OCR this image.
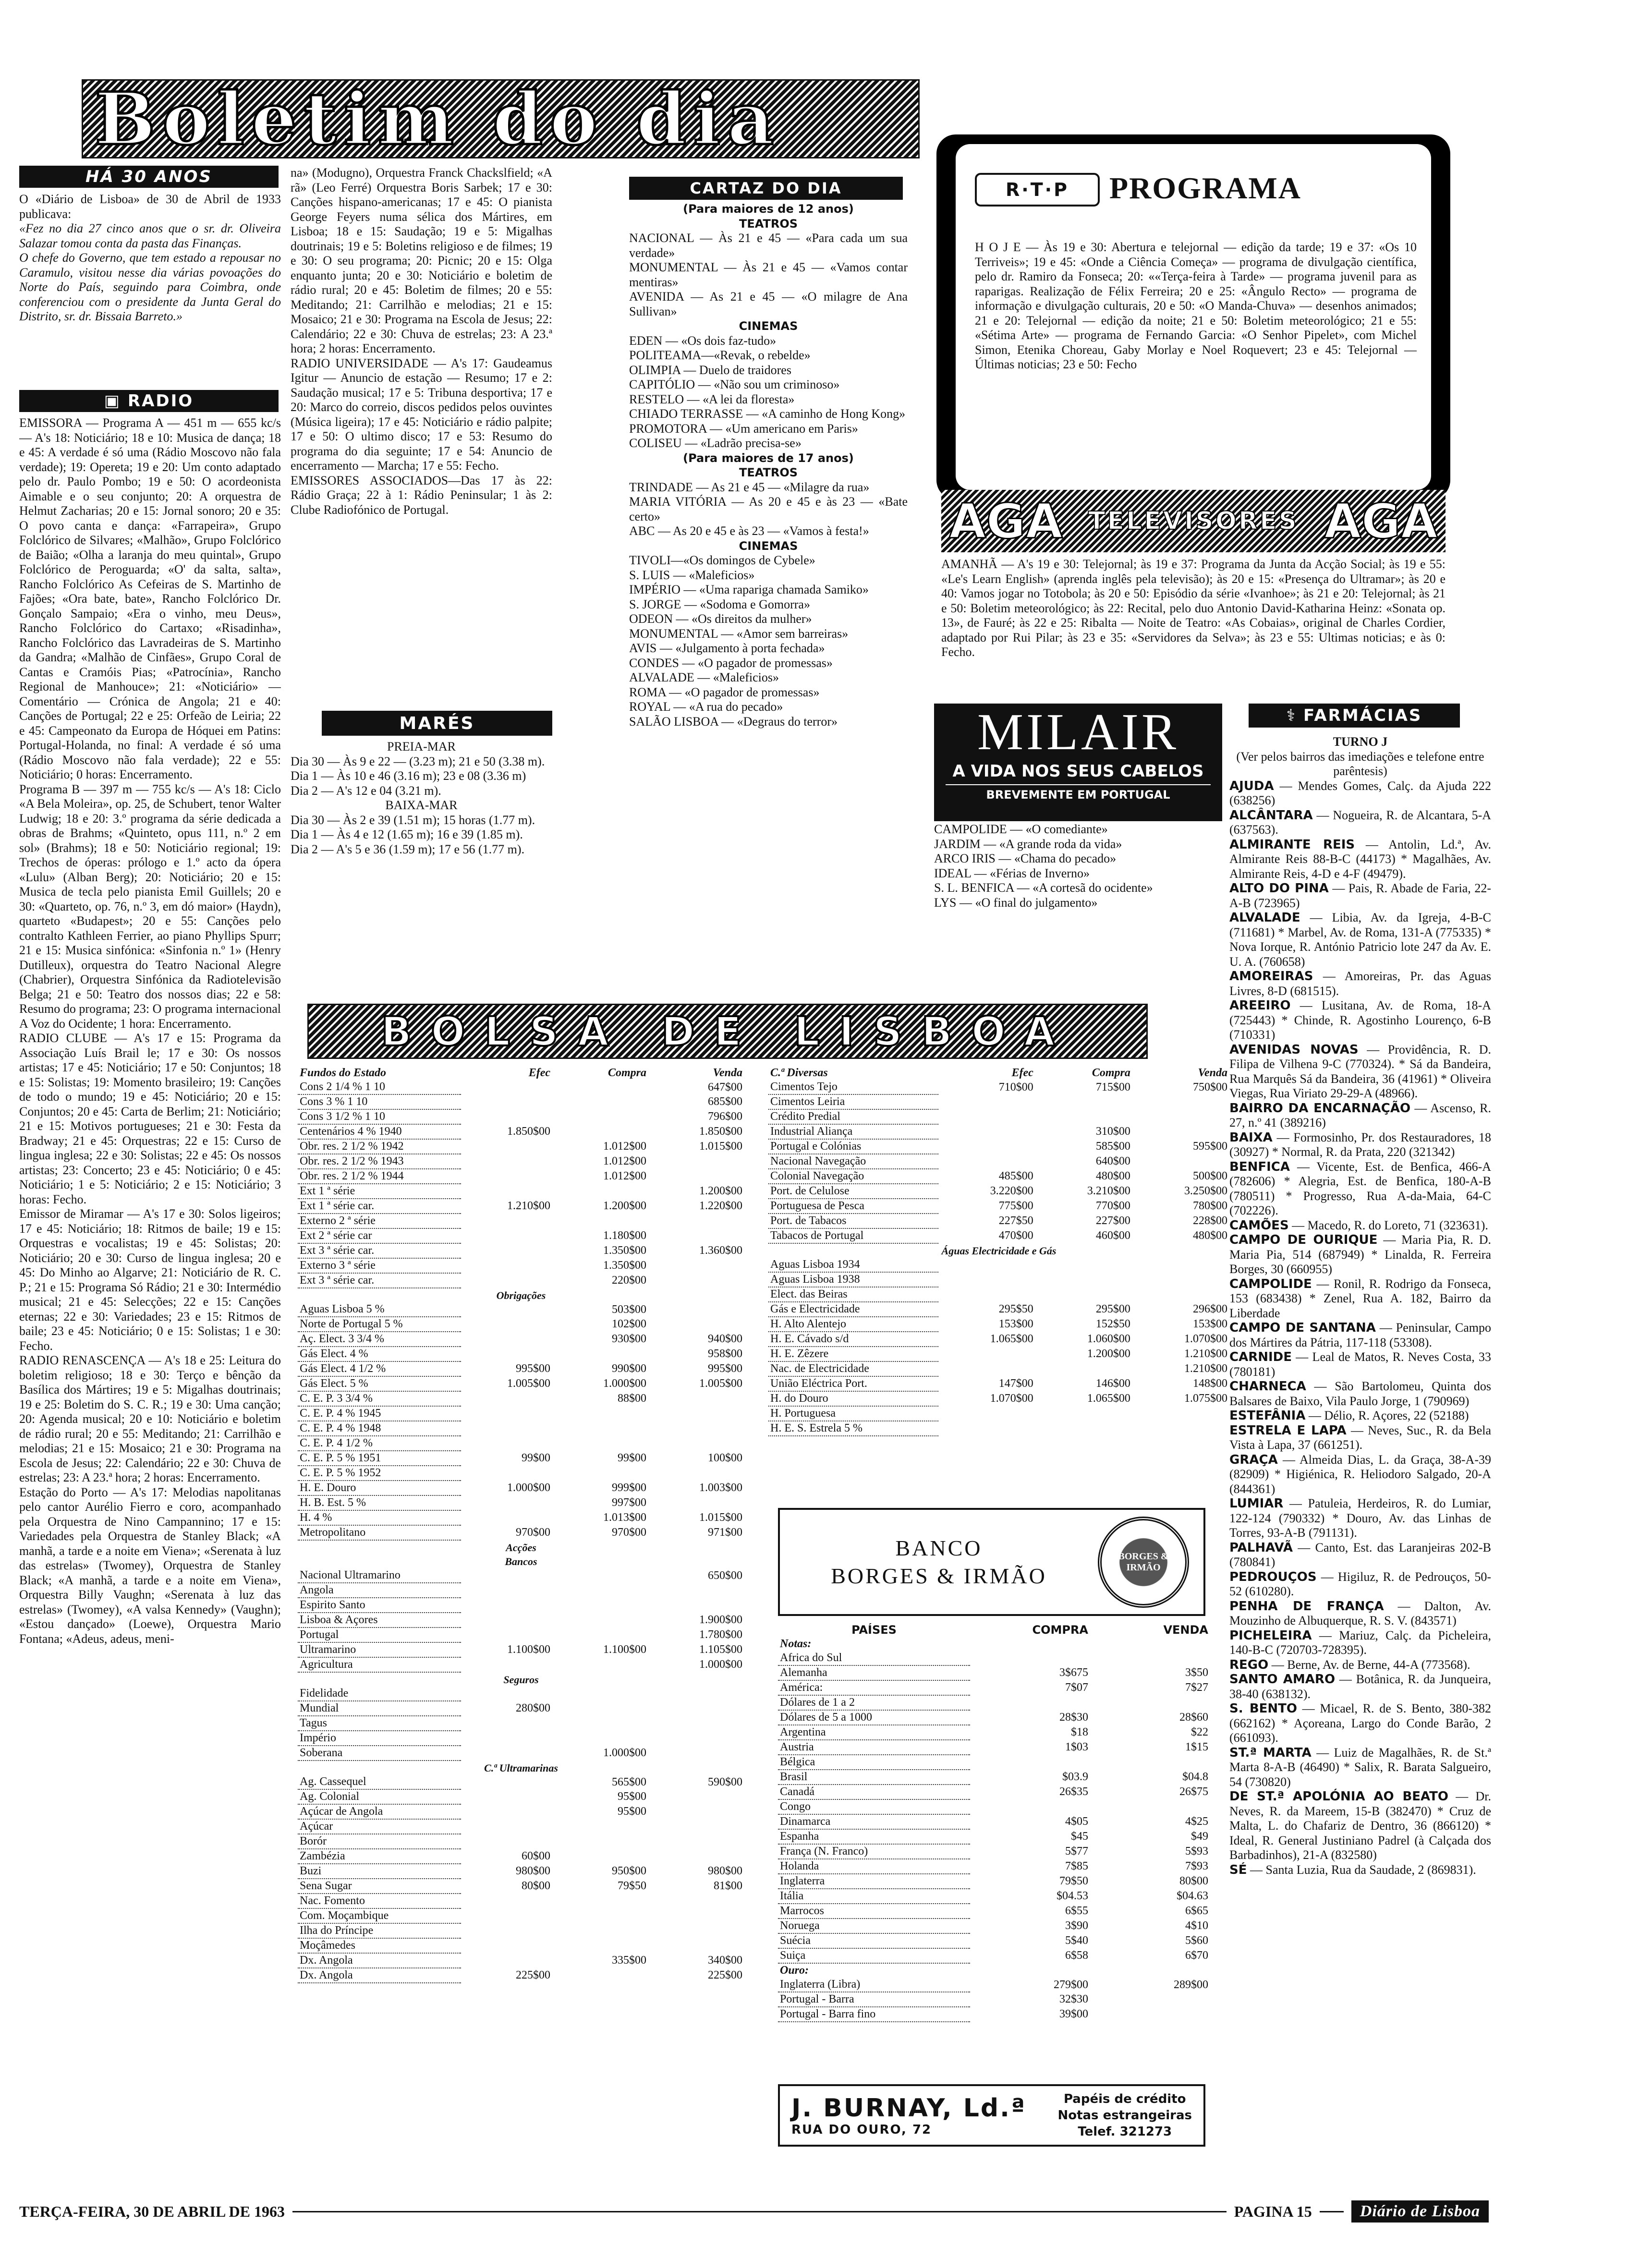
Boletim do dia
HÁ 30 ANOS

O «Diário de Lisboa» de 30 de Abril de 1933 publicava:

«Fez no dia 27 cinco anos que o sr. dr. Oliveira Salazar tomou conta da pasta das Finanças.

O chefe do Governo, que tem estado a repousar no Caramulo, visitou nesse dia várias povoações do Norte do País, seguindo para Coimbra, onde conferenciou com o presidente da Junta Geral do Distrito, sr. dr. Bissaia Barreto.»

▣ RADIO

EMISSORA — Programa A — 451 m — 655 kc/s — A's 18: Noticiário; 18 e 10: Musica de dança; 18 e 45: A verdade é só uma (Rádio Moscovo não fala verdade); 19: Opereta; 19 e 20: Um conto adaptado pelo dr. Paulo Pombo; 19 e 50: O acordeonista Aimable e o seu conjunto; 20: A orquestra de Helmut Zacharias; 20 e 15: Jornal sonoro; 20 e 35: O povo canta e dança: «Farrapeira», Grupo Folclórico de Silvares; «Malhão», Grupo Folclórico de Baião; «Olha a laranja do meu quintal», Grupo Folclórico de Peroguarda; «O' da salta, salta», Rancho Folclórico As Cefeiras de S. Martinho de Fajões; «Ora bate, bate», Rancho Folclórico Dr. Gonçalo Sampaio; «Era o vinho, meu Deus», Rancho Folclórico do Cartaxo; «Risadinha», Rancho Folclórico das Lavradeiras de S. Martinho da Gandra; «Malhão de Cinfães», Grupo Coral de Cantas e Cramóis Pias; «Patrocínia», Rancho Regional de Manhouce»; 21: «Noticiário» — Comentário — Crónica de Angola; 21 e 40: Canções de Portugal; 22 e 25: Orfeão de Leiria; 22 e 45: Campeonato da Europa de Hóquei em Patins: Portugal-Holanda, no final: A verdade é só uma (Rádio Moscovo não fala verdade); 22 e 55: Noticiário; 0 horas: Encerramento.

Programa B — 397 m — 755 kc/s — A's 18: Ciclo «A Bela Moleira», op. 25, de Schubert, tenor Walter Ludwig; 18 e 20: 3.º programa da série dedicada a obras de Brahms; «Quinteto, opus 111, n.º 2 em sol» (Brahms); 18 e 50: Noticiário regional; 19: Trechos de óperas: prólogo e 1.º acto da ópera «Lulu» (Alban Berg); 20: Noticiário; 20 e 15: Musica de tecla pelo pianista Emil Guillels; 20 e 30: «Quarteto, op. 76, n.º 3, em dó maior» (Haydn), quarteto «Budapest»; 20 e 55: Canções pelo contralto Kathleen Ferrier, ao piano Phyllips Spurr; 21 e 15: Musica sinfónica: «Sinfonia n.º 1» (Henry Dutilleux), orquestra do Teatro Nacional Alegre (Chabrier), Orquestra Sinfónica da Radiotelevisão Belga; 21 e 50: Teatro dos nossos dias; 22 e 58: Resumo do programa; 23: O programa internacional A Voz do Ocidente; 1 hora: Encerramento.

RADIO CLUBE — A's 17 e 15: Programa da Associação Luís Brail le; 17 e 30: Os nossos artistas; 17 e 45: Noticiário; 17 e 50: Conjuntos; 18 e 15: Solistas; 19: Momento brasileiro; 19: Canções de todo o mundo; 19 e 45: Noticiário; 20 e 15: Conjuntos; 20 e 45: Carta de Berlim; 21: Noticiário; 21 e 15: Motivos portugueses; 21 e 30: Festa da Bradway; 21 e 45: Orquestras; 22 e 15: Curso de lingua inglesa; 22 e 30: Solistas; 22 e 45: Os nossos artistas; 23: Concerto; 23 e 45: Noticiário; 0 e 45: Noticiário; 1 e 5: Noticiário; 2 e 15: Noticiário; 3 horas: Fecho.

Emissor de Miramar — A's 17 e 30: Solos ligeiros; 17 e 45: Noticiário; 18: Ritmos de baile; 19 e 15: Orquestras e vocalistas; 19 e 45: Solistas; 20: Noticiário; 20 e 30: Curso de lingua inglesa; 20 e 45: Do Minho ao Algarve; 21: Noticiário de R. C. P.; 21 e 15: Programa Só Rádio; 21 e 30: Intermédio musical; 21 e 45: Selecções; 22 e 15: Canções eternas; 22 e 30: Variedades; 23 e 15: Ritmos de baile; 23 e 45: Noticiário; 0 e 15: Solistas; 1 e 30: Fecho.

RADIO RENASCENÇA — A's 18 e 25: Leitura do boletim religioso; 18 e 30: Terço e bênção da Basílica dos Mártires; 19 e 5: Migalhas doutrinais; 19 e 25: Boletim do S. C. R.; 19 e 30: Uma canção; 20: Agenda musical; 20 e 10: Noticiário e boletim de rádio rural; 20 e 55: Meditando; 21: Carrilhão e melodias; 21 e 15: Mosaico; 21 e 30: Programa na Escola de Jesus; 22: Calendário; 22 e 30: Chuva de estrelas; 23: A 23.ª hora; 2 horas: Encerramento.

Estação do Porto — A's 17: Melodias napolitanas pelo cantor Aurélio Fierro e coro, acompanhado pela Orquestra de Nino Campannino; 17 e 15: Variedades pela Orquestra de Stanley Black; «A manhã, a tarde e a noite em Viena»; «Serenata à luz das estrelas» (Twomey), Orquestra de Stanley Black; «A manhã, a tarde e a noite em Viena», Orquestra Billy Vaughn; «Serenata à luz das estrelas» (Twomey), «A valsa Kennedy» (Vaughn); «Estou dançado» (Loewe), Orquestra Mario Fontana; «Adeus, adeus, meni-

na» (Modugno), Orquestra Franck Chackslfield; «A rã» (Leo Ferré) Orquestra Boris Sarbek; 17 e 30: Canções hispano-americanas; 17 e 45: O pianista George Feyers numa sélica dos Mártires, em Lisboa; 18 e 15: Saudação; 19 e 5: Migalhas doutrinais; 19 e 5: Boletins religioso e de filmes; 19 e 30: O seu programa; 20: Picnic; 20 e 15: Olga enquanto junta; 20 e 30: Noticiário e boletim de rádio rural; 20 e 45: Boletim de filmes; 20 e 55: Meditando; 21: Carrilhão e melodias; 21 e 15: Mosaico; 21 e 30: Programa na Escola de Jesus; 22: Calendário; 22 e 30: Chuva de estrelas; 23: A 23.ª hora; 2 horas: Encerramento.

RADIO UNIVERSIDADE — A's 17: Gaudeamus Igitur — Anuncio de estação — Resumo; 17 e 2: Saudação musical; 17 e 5: Tribuna desportiva; 17 e 20: Marco do correio, discos pedidos pelos ouvintes (Música ligeira); 17 e 45: Noticiário e rádio palpite; 17 e 50: O ultimo disco; 17 e 53: Resumo do programa do dia seguinte; 17 e 54: Anuncio de encerramento — Marcha; 17 e 55: Fecho.

EMISSORES ASSOCIADOS—Das 17 às 22: Rádio Graça; 22 à 1: Rádio Peninsular; 1 às 2: Clube Radiofónico de Portugal.

MARÉS

PREIA-MAR

Dia 30 — Às 9 e 22 — (3.23 m); 21 e 50 (3.38 m).

Dia 1 — Às 10 e 46 (3.16 m); 23 e 08 (3.36 m)

Dia 2 — A's 12 e 04 (3.21 m).

BAIXA-MAR

Dia 30 — Às 2 e 39 (1.51 m); 15 horas (1.77 m).

Dia 1 — Às 4 e 12 (1.65 m); 16 e 39 (1.85 m).

Dia 2 — A's 5 e 36 (1.59 m); 17 e 56 (1.77 m).

CARTAZ DO DIA

(Para maiores de 12 anos)

TEATROS

NACIONAL — Às 21 e 45 — «Para cada um sua verdade»

MONUMENTAL — Às 21 e 45 — «Vamos contar mentiras»

AVENIDA — As 21 e 45 — «O milagre de Ana Sullivan»

CINEMAS

EDEN — «Os dois faz-tudo»

POLITEAMA—«Revak, o rebelde»

OLIMPIA — Duelo de traidores

CAPITÓLIO — «Não sou um criminoso»

RESTELO — «A lei da floresta»

CHIADO TERRASSE — «A caminho de Hong Kong»

PROMOTORA — «Um americano em Paris»

COLISEU — «Ladrão precisa-se»

(Para maiores de 17 anos)

TEATROS

TRINDADE — As 21 e 45 — «Milagre da rua»

MARIA VITÓRIA — As 20 e 45 e às 23 — «Bate certo»

ABC — As 20 e 45 e às 23 — «Vamos à festa!»

CINEMAS

TIVOLI—«Os domingos de Cybele»

S. LUIS — «Maleficios»

IMPÉRIO — «Uma rapariga chamada Samiko»

S. JORGE — «Sodoma e Gomorra»

ODEON — «Os direitos da mulher»

MONUMENTAL — «Amor sem barreiras»

AVIS — «Julgamento à porta fechada»

CONDES — «O pagador de promessas»

ALVALADE — «Maleficios»

ROMA — «O pagador de promessas»

ROYAL — «A rua do pecado»

SALÃO LISBOA — «Degraus do terror»

R·T·P	PROGRAMA
H O J E — Às 19 e 30: Abertura e telejornal — edição da tarde; 19 e 37: «Os 10 Terriveis»; 19 e 45: «Onde a Ciência Começa» — programa de divulgação científica, pelo dr. Ramiro da Fonseca; 20: ««Terça-feira à Tarde» — programa juvenil para as raparigas. Realização de Félix Ferreira; 20 e 25: «Ângulo Recto» — programa de informação e divulgação culturais, 20 e 50: «O Manda-Chuva» — desenhos animados; 21 e 20: Telejornal — edição da noite; 21 e 50: Boletim meteorológico; 21 e 55: «Sétima Arte» — programa de Fernando Garcia: «O Senhor Pipelet», com Michel Simon, Etenika Choreau, Gaby Morlay e Noel Roquevert; 23 e 45: Telejornal — Últimas noticias; 23 e 50: Fecho
AGA TELEVISORES AGA
AMANHÃ — A's 19 e 30: Telejornal; às 19 e 37: Programa da Junta da Acção Social; às 19 e 55: «Le's Learn English» (aprenda inglês pela televisão); às 20 e 15: «Presença do Ultramar»; às 20 e 40: Vamos jogar no Totobola; às 20 e 50: Episódio da série «Ivanhoe»; às 21 e 20: Telejornal; às 21 e 50: Boletim meteorológico; às 22: Recital, pelo duo Antonio David-Katharina Heinz: «Sonata op. 13», de Fauré; às 22 e 25: Ribalta — Noite de Teatro: «As Cobaias», original de Charles Cordier, adaptado por Rui Pilar; às 23 e 35: «Servidores da Selva»; às 23 e 55: Ultimas noticias; e às 0: Fecho.
MILAIR
A VIDA NOS SEUS CABELOS
BREVEMENTE EM PORTUGAL

CAMPOLIDE — «O comediante»

JARDIM — «A grande roda da vida»

ARCO IRIS — «Chama do pecado»

IDEAL — «Férias de Inverno»

S. L. BENFICA — «A cortesã do ocidente»

LYS — «O final do julgamento»

⚕ FARMÁCIAS

TURNO J

(Ver pelos bairros das imediações e telefone entre parêntesis)

AJUDA — Mendes Gomes, Calç. da Ajuda 222 (638256)

ALCÂNTARA — Nogueira, R. de Alcantara, 5-A (637563).

ALMIRANTE REIS — Antolin, Ld.ª, Av. Almirante Reis 88-B-C (44173) * Magalhães, Av. Almirante Reis, 4-D e 4-F (49479).

ALTO DO PINA — Pais, R. Abade de Faria, 22-A-B (723965)

ALVALADE — Libia, Av. da Igreja, 4-B-C (711681) * Marbel, Av. de Roma, 131-A (775335) * Nova Iorque, R. António Patricio lote 247 da Av. E. U. A. (760658)

AMOREIRAS — Amoreiras, Pr. das Aguas Livres, 8-D (681515).

AREEIRO — Lusitana, Av. de Roma, 18-A (725443) * Chinde, R. Agostinho Lourenço, 6-B (710331)

AVENIDAS NOVAS — Providência, R. D. Filipa de Vilhena 9-C (770324). * Sá da Bandeira, Rua Marquês Sá da Bandeira, 36 (41961) * Oliveira Viegas, Rua Viriato 29-29-A (48966).

BAIRRO DA ENCARNAÇÃO — Ascenso, R. 27, n.º 41 (389216)

BAIXA — Formosinho, Pr. dos Restauradores, 18 (30927) * Normal, R. da Prata, 220 (321342)

BENFICA — Vicente, Est. de Benfica, 466-A (782606) * Alegria, Est. de Benfica, 180-A-B (780511) * Progresso, Rua A-da-Maia, 64-C (702226).

CAMÕES — Macedo, R. do Loreto, 71 (323631).

CAMPO DE OURIQUE — Maria Pia, R. D. Maria Pia, 514 (687949) * Linalda, R. Ferreira Borges, 30 (660955)

CAMPOLIDE — Ronil, R. Rodrigo da Fonseca, 153 (683438) * Zenel, Rua A. 182, Bairro da Liberdade

CAMPO DE SANTANA — Peninsular, Campo dos Mártires da Pátria, 117-118 (53308).

CARNIDE — Leal de Matos, R. Neves Costa, 33 (780181)

CHARNECA — São Bartolomeu, Quinta dos Balsares de Baixo, Vila Paulo Jorge, 1 (790969)

ESTEFÂNIA — Délio, R. Açores, 22 (52188)

ESTRELA E LAPA — Neves, Suc., R. da Bela Vista à Lapa, 37 (661251).

GRAÇA — Almeida Dias, L. da Graça, 38-A-39 (82909) * Higiénica, R. Heliodoro Salgado, 20-A (844361)

LUMIAR — Patuleia, Herdeiros, R. do Lumiar, 122-124 (790332) * Douro, Av. das Linhas de Torres, 93-A-B (791131).

PALHAVÃ — Canto, Est. das Laranjeiras 202-B (780841)

PEDROUÇOS — Higiluz, R. de Pedrouços, 50-52 (610280).

PENHA DE FRANÇA — Dalton, Av. Mouzinho de Albuquerque, R. S. V. (843571)

PICHELEIRA — Mariuz, Calç. da Picheleira, 140-B-C (720703-728395).

REGO — Berne, Av. de Berne, 44-A (773568).

SANTO AMARO — Botânica, R. da Junqueira, 38-40 (638132).

S. BENTO — Micael, R. de S. Bento, 380-382 (662162) * Açoreana, Largo do Conde Barão, 2 (661093).

ST.ª MARTA — Luiz de Magalhães, R. de St.ª Marta 8-A-B (46490) * Salix, R. Barata Salgueiro, 54 (730820)

DE ST.ª APOLÓNIA AO BEATO — Dr. Neves, R. da Mareem, 15-B (382470) * Cruz de Malta, L. do Chafariz de Dentro, 36 (866120) * Ideal, R. General Justiniano Padrel (à Calçada dos Barbadinhos), 21-A (832580)

SÉ — Santa Luzia, Rua da Saudade, 2 (869831).

BOLSA DE LISBOA
Fundos do Estado	Efec	Compra	Venda
Cons 2 1/4 % 1 10			647$00
Cons 3 % 1 10			685$00
Cons 3 1/2 % 1 10			796$00
Centenários 4 % 1940	1.850$00		1.850$00
Obr. res. 2 1/2 % 1942		1.012$00	1.015$00
Obr. res. 2 1/2 % 1943		1.012$00	
Obr. res. 2 1/2 % 1944		1.012$00	
Ext 1 ª série			1.200$00
Ext 1 ª série car.	1.210$00	1.200$00	1.220$00
Externo 2 ª série			
Ext 2 ª série car		1.180$00	
Ext 3 ª série car.		1.350$00	1.360$00
Externo 3 ª série		1.350$00	
Ext 3 ª série car.		220$00	
Obrigações			
Aguas Lisboa 5 %		503$00	
Norte de Portugal 5 %		102$00	
Aç. Elect. 3 3/4 %		930$00	940$00
Gás Elect. 4 %			958$00
Gás Elect. 4 1/2 %	995$00	990$00	995$00
Gás Elect. 5 %	1.005$00	1.000$00	1.005$00
C. E. P. 3 3/4 %		88$00	
C. E. P. 4 % 1945			
C. E. P. 4 % 1948			
C. E. P. 4 1/2 %			
C. E. P. 5 % 1951	99$00	99$00	100$00
C. E. P. 5 % 1952			
H. E. Douro	1.000$00	999$00	1.003$00
H. B. Est. 5 %		997$00	
H. 4 %		1.013$00	1.015$00
Metropolitano	970$00	970$00	971$00
Acções			
Bancos			
Nacional Ultramarino			650$00
Angola			
Espirito Santo			
Lisboa & Açores			1.900$00
Portugal			1.780$00
Ultramarino	1.100$00	1.100$00	1.105$00
Agricultura			1.000$00
Seguros			
Fidelidade			
Mundial	280$00		
Tagus			
Império			
Soberana		1.000$00	
C.ª Ultramarinas			
Ag. Cassequel		565$00	590$00
Ag. Colonial		95$00	
Açúcar de Angola		95$00	
Açúcar			
Borór			
Zambézia	60$00		
Buzi	980$00	950$00	980$00
Sena Sugar	80$00	79$50	81$00
Nac. Fomento			
Com. Moçambique			
Ilha do Príncipe			
Moçâmedes			
Dx. Angola		335$00	340$00
Dx. Angola	225$00		225$00
C.ª Diversas	Efec	Compra	Venda
Cimentos Tejo	710$00	715$00	750$00
Cimentos Leiria			
Crédito Predial			
Industrial Aliança		310$00	
Portugal e Colónias		585$00	595$00
Nacional Navegação		640$00	
Colonial Navegação	485$00	480$00	500$00
Port. de Celulose	3.220$00	3.210$00	3.250$00
Portuguesa de Pesca	775$00	770$00	780$00
Port. de Tabacos	227$50	227$00	228$00
Tabacos de Portugal	470$00	460$00	480$00
Águas Electricidade e Gás			
Aguas Lisboa 1934			
Aguas Lisboa 1938			
Elect. das Beiras			
Gás e Electricidade	295$50	295$00	296$00
H. Alto Alentejo	153$00	152$50	153$00
H. E. Cávado s/d	1.065$00	1.060$00	1.070$00
H. E. Zêzere		1.200$00	1.210$00
Nac. de Electricidade			1.210$00
União Eléctrica Port.	147$00	146$00	148$00
H. do Douro	1.070$00	1.065$00	1.075$00
H. Portuguesa			
H. E. S. Estrela 5 %			
BANCO
BORGES & IRMÃO
BORGES & IRMÃO
PAÍSES	COMPRA	VENDA
Notas:		
Africa do Sul		
Alemanha	3$675	3$50
América:	7$07	7$27
Dólares de 1 a 2		
Dólares de 5 a 1000	28$30	28$60
Argentina	$18	$22
Austria	1$03	1$15
Bélgica		
Brasil	$03.9	$04.8
Canadá	26$35	26$75
Congo		
Dinamarca	4$05	4$25
Espanha	$45	$49
França (N. Franco)	5$77	5$93
Holanda	7$85	7$93
Inglaterra	79$50	80$00
Itália	$04.53	$04.63
Marrocos	6$55	6$65
Noruega	3$90	4$10
Suécia	5$40	5$60
Suiça	6$58	6$70
Ouro:		
Inglaterra (Libra)	279$00	289$00
Portugal - Barra	32$30	
Portugal - Barra fino	39$00	
J. BURNAY, Ld.ª
RUA DO OURO, 72
Papéis de crédito
Notas estrangeiras
Telef. 321273
TERÇA-FEIRA, 30 DE ABRIL DE 1963	PAGINA 15	Diário de Lisboa
